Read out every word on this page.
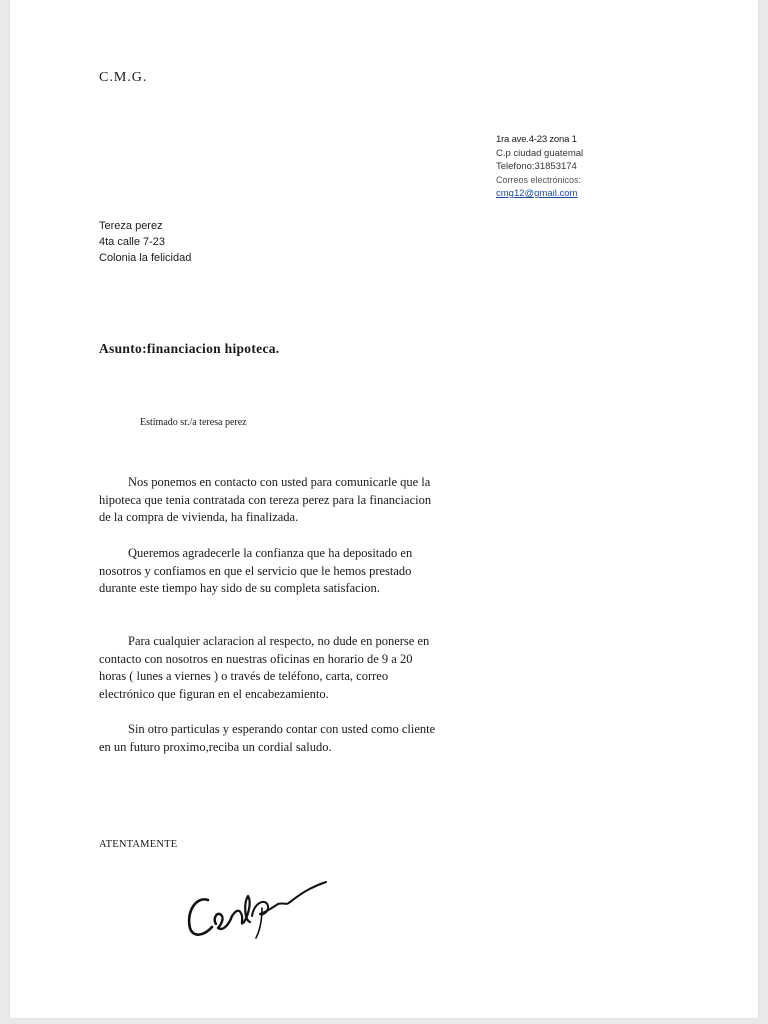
C.M.G.
1ra ave.4-23 zona 1
C.p ciudad guatemal
Telefono:31853174
Correos electrónicos:
cmg12@gmail.com
Tereza perez
4ta calle 7-23
Colonia la felicidad
Asunto:financiacion hipoteca.
Estimado sr./a teresa perez
Nos ponemos en contacto con usted para comunicarle que la
hipoteca que tenia contratada con tereza perez para la financiacion
de la compra de vivienda, ha finalizada.
Queremos agradecerle la confianza que ha depositado en
nosotros y confiamos en que el servicio que le hemos prestado
durante este tiempo hay sido de su completa satisfacion.
Para cualquier aclaracion al respecto, no dude en ponerse en
contacto con nosotros en nuestras oficinas en horario de 9 a 20
horas ( lunes a viernes ) o través de teléfono, carta, correo
electrónico que figuran en el encabezamiento.
Sin otro particulas y esperando contar con usted como cliente
en un futuro proximo,reciba un cordial saludo.
ATENTAMENTE
